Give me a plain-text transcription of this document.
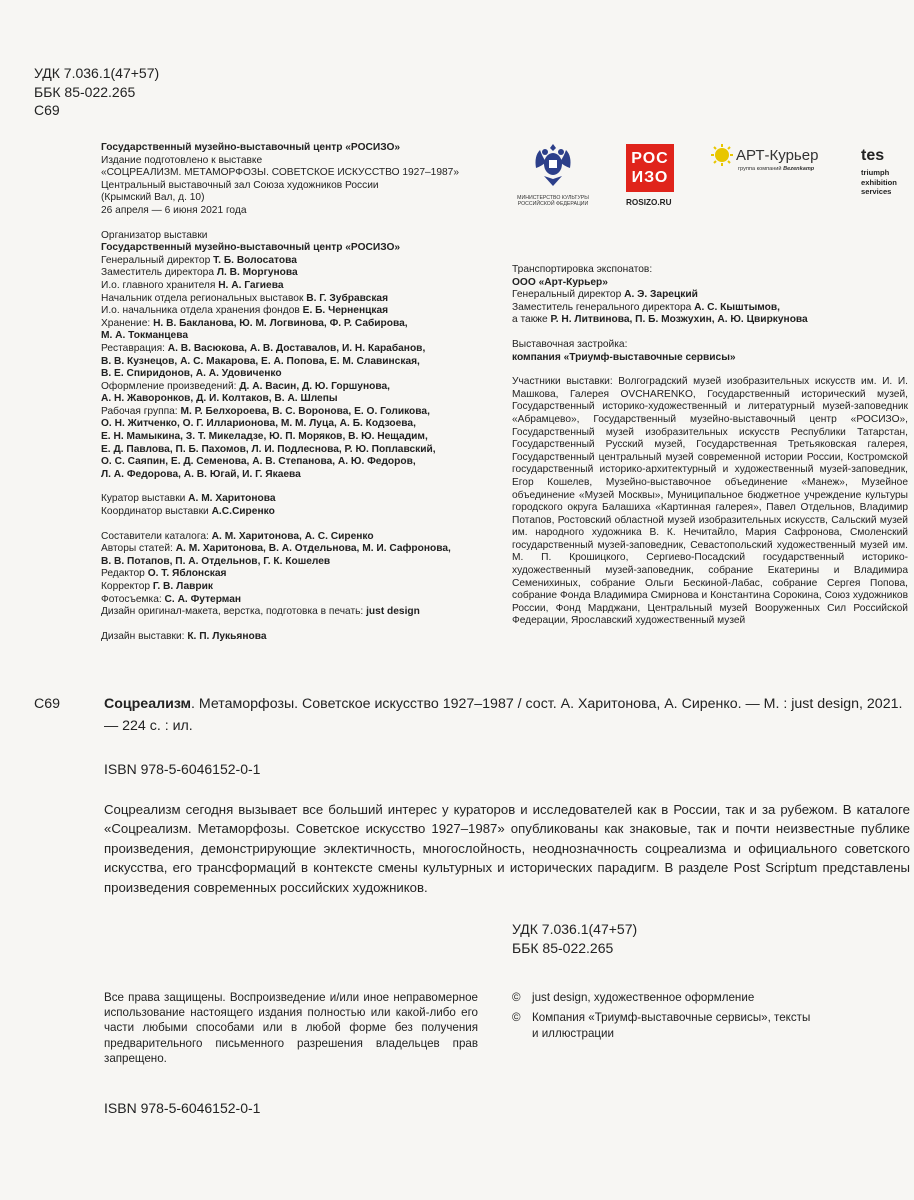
УДК 7.036.1(47+57)
ББК 85-022.265
С69
Государственный музейно-выставочный центр «РОСИЗО»
Издание подготовлено к выставке
«СОЦРЕАЛИЗМ. МЕТАМОРФОЗЫ. СОВЕТСКОЕ ИСКУССТВО 1927–1987»
Центральный выставочный зал Союза художников России
(Крымский Вал, д. 10)
26 апреля — 6 июня 2021 года
Организатор выставки
Государственный музейно-выставочный центр «РОСИЗО»
Генеральный директор Т. Б. Волосатова
Заместитель директора Л. В. Моргунова
И.о. главного хранителя Н. А. Гагиева
Начальник отдела региональных выставок В. Г. Зубравская
И.о. начальника отдела хранения фондов Е. Б. Черненцкая
Хранение: Н. В. Бакланова, Ю. М. Логвинова, Ф. Р. Сабирова,
М. А. Токманцева
Реставрация: А. В. Васюкова, А. В. Доставалов, И. Н. Карабанов,
В. В. Кузнецов, А. С. Макарова, Е. А. Попова, Е. М. Славинская,
В. Е. Спиридонов, А. А. Удовиченко
Оформление произведений: Д. А. Васин, Д. Ю. Горшунова,
А. Н. Жаворонков, Д. И. Колтаков, В. А. Шлепы
Рабочая группа: М. Р. Белхороева, В. С. Воронова, Е. О. Голикова,
О. Н. Житченко, О. Г. Илларионова, М. М. Луца, А. Б. Кодзоева,
Е. Н. Мамыкина, З. Т. Микеладзе, Ю. П. Моряков, В. Ю. Нещадим,
Е. Д. Павлова, П. Б. Пахомов, Л. И. Подлеснова, Р. Ю. Поплавский,
О. С. Саяпин, Е. Д. Семенова, А. В. Степанова, А. Ю. Федоров,
Л. А. Федорова, А. В. Югай, И. Г. Якаева
Куратор выставки А. М. Харитонова
Координатор выставки А.С.Сиренко
Составители каталога: А. М. Харитонова, А. С. Сиренко
Авторы статей: А. М. Харитонова, В. А. Отдельнова, М. И. Сафронова,
В. В. Потапов, П. А. Отдельнов, Г. К. Кошелев
Редактор О. Т. Яблонская
Корректор Г. В. Лаврик
Фотосъемка: С. А. Футерман
Дизайн оригинал-макета, верстка, подготовка в печать: just design
Дизайн выставки: К. П. Лукьянова
МИНИСТЕРСТВО КУЛЬТУРЫ РОССИЙСКОЙ ФЕДЕРАЦИИ
РОС
ИЗО
ROSIZO.RU
АРТ-Курьер
группа компаний Bezenkamp
tes
triumph
exhibition
services
Транспортировка экспонатов:
ООО «Арт-Курьер»
Генеральный директор А. Э. Зарецкий
Заместитель генерального директора А. С. Кыштымов,
а также Р. Н. Литвинова, П. Б. Мозжухин, А. Ю. Цвиркунова
Выставочная застройка:
компания «Триумф-выставочные сервисы»
Участники выставки: Волгоградский музей изобразительных искусств им. И. И. Машкова, Галерея OVCHARENKO, Государственный исторический музей, Государственный историко-художественный и литературный музей-заповедник «Абрамцево», Государственный музейно-выставочный центр «РОСИЗО», Государственный музей изобразительных искусств Республики Татарстан, Государственный Русский музей, Государственная Третьяковская галерея, Государственный центральный музей современной истории России, Костромской государственный историко-архитектурный и художественный музей-заповедник, Егор Кошелев, Музейно-выставочное объединение «Манеж», Музейное объединение «Музей Москвы», Муниципальное бюджетное учреждение культуры городского округа Балашиха «Картинная галерея», Павел Отдельнов, Владимир Потапов, Ростовский областной музей изобразительных искусств, Сальский музей им. народного художника В. К. Нечитайло, Мария Сафронова, Смоленский государственный музей-заповедник, Севастопольский художественный музей им. М. П. Крошицкого, Сергиево-Посадский государственный историко-художественный музей-заповедник, собрание Екатерины и Владимира Семенихиных, собрание Ольги Бескиной-Лабас, собрание Сергея Попова, собрание Фонда Владимира Смирнова и Константина Сорокина, Союз художников России, Фонд Марджани, Центральный музей Вооруженных Сил Российской Федерации, Ярославский художественный музей
С69	Соцреализм. Метаморфозы. Советское искусство 1927–1987 / сост. А. Харитонова, А. Сиренко. — М. : just design, 2021. — 224 с. : ил.
ISBN 978-5-6046152-0-1
Соцреализм сегодня вызывает все больший интерес у кураторов и исследователей как в России, так и за рубежом. В каталоге «Соцреализм. Метаморфозы. Советское искусство 1927–1987» опубликованы как знаковые, так и почти неизвестные публике произведения, демонстрирующие эклектичность, многослойность, неоднозначность соцреализма и официального советского искусства, его трансформаций в контексте смены культурных и исторических парадигм. В разделе Post Scriptum представлены произведения современных российских художников.
УДК 7.036.1(47+57)
ББК 85-022.265
Все права защищены. Воспроизведение и/или иное неправомерное использование настоящего издания полностью или какой-либо его части любыми способами или в любой форме без получения предварительного письменного разрешения владельцев прав запрещено.
© just design, художественное оформление
© Компания «Триумф-выставочные сервисы», тексты и иллюстрации
ISBN 978-5-6046152-0-1
